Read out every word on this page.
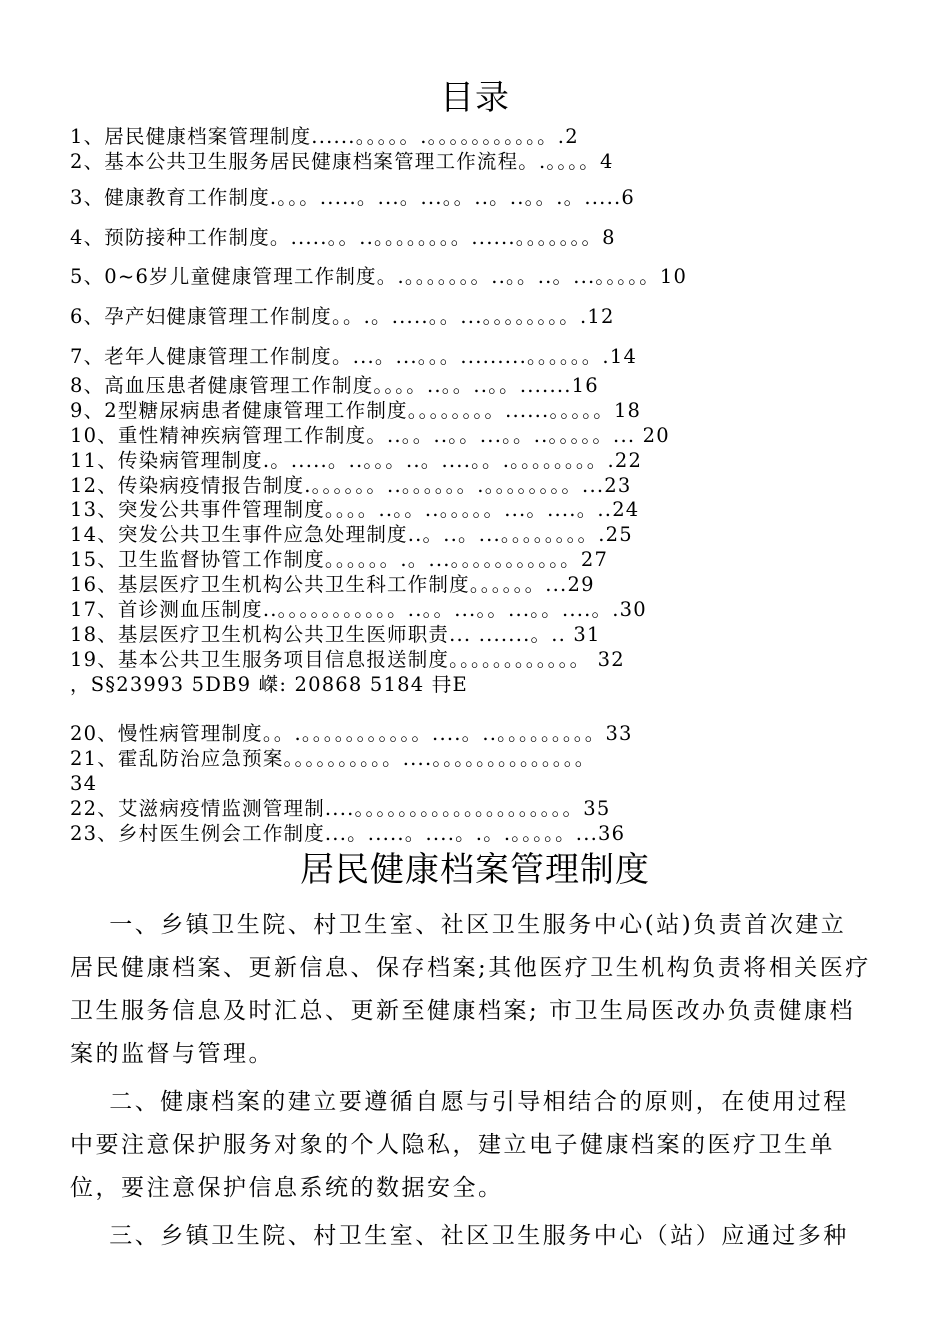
目录
1、居民健康档案管理制度......。。。。。.。。。。。。。。。。。.2
2、基本公共卫生服务居民健康档案管理工作流程。.。。。。4
3、健康教育工作制度.。。。.....。...。...。。..。..。。.。.....6
4、预防接种工作制度。.....。。..。。。。。。。。......。。。。。。。8
5、0~6岁儿童健康管理工作制度。.。。。。。。。..。。..。...。。。。。10
6、孕产妇健康管理工作制度。。.。.....。。...。。。。。。。。.12
7、老年人健康管理工作制度。...。...。。。.........。。。。。。.14
8、高血压患者健康管理工作制度。。。。..。。..。。.......16
9、2型糖尿病患者健康管理工作制度。。。。。。。。......。。。。。18
10、重性精神疾病管理工作制度。..。。..。。...。。..。。。。。... 20
11、传染病管理制度.。.....。..。。。..。....。。.。。。。。。。。.22
12、传染病疫情报告制度.。。。。。。..。。。。。。.。。。。。。。。...23
13、突发公共事件管理制度。。。。..。。..。。。。。...。....。..24
14、突发公共卫生事件应急处理制度..。..。...。。。。。。。。.25
15、卫生监督协管工作制度。。。。。。.。...。。。。。。。。。。。27
16、基层医疗卫生机构公共卫生科工作制度。。。。。。...29
17、首诊测血压制度..。。。。。。。。。。。..。。...。。...。。....。.30
18、基层医疗卫生机构公共卫生医师职责... .......。.. 31
19、基本公共卫生服务项目信息报送制度。。。。。。。。。。。。 32
，S§23993 5DB9 嵥: 20868 5184 冄E
20、慢性病管理制度。。.。。。。。。。。。。。....。..。。。。。。。。。33
21、霍乱防治应急预案。。。。。。。。。。....。。。。。。。。。。。。。。
34
22、艾滋病疫情监测管理制....。。。。。。。。。。。。。。。。。。。。35
23、乡村医生例会工作制度...。.....。....。.。.。。。。。...36
居民健康档案管理制度
一、乡镇卫生院、村卫生室、社区卫生服务中心(站)负责首次建立
居民健康档案、更新信息、保存档案;其他医疗卫生机构负责将相关医疗
卫生服务信息及时汇总、更新至健康档案; 市卫生局医改办负责健康档
案的监督与管理。
二、健康档案的建立要遵循自愿与引导相结合的原则，在使用过程
中要注意保护服务对象的个人隐私，建立电子健康档案的医疗卫生单
位，要注意保护信息系统的数据安全。
三、乡镇卫生院、村卫生室、社区卫生服务中心（站）应通过多种
